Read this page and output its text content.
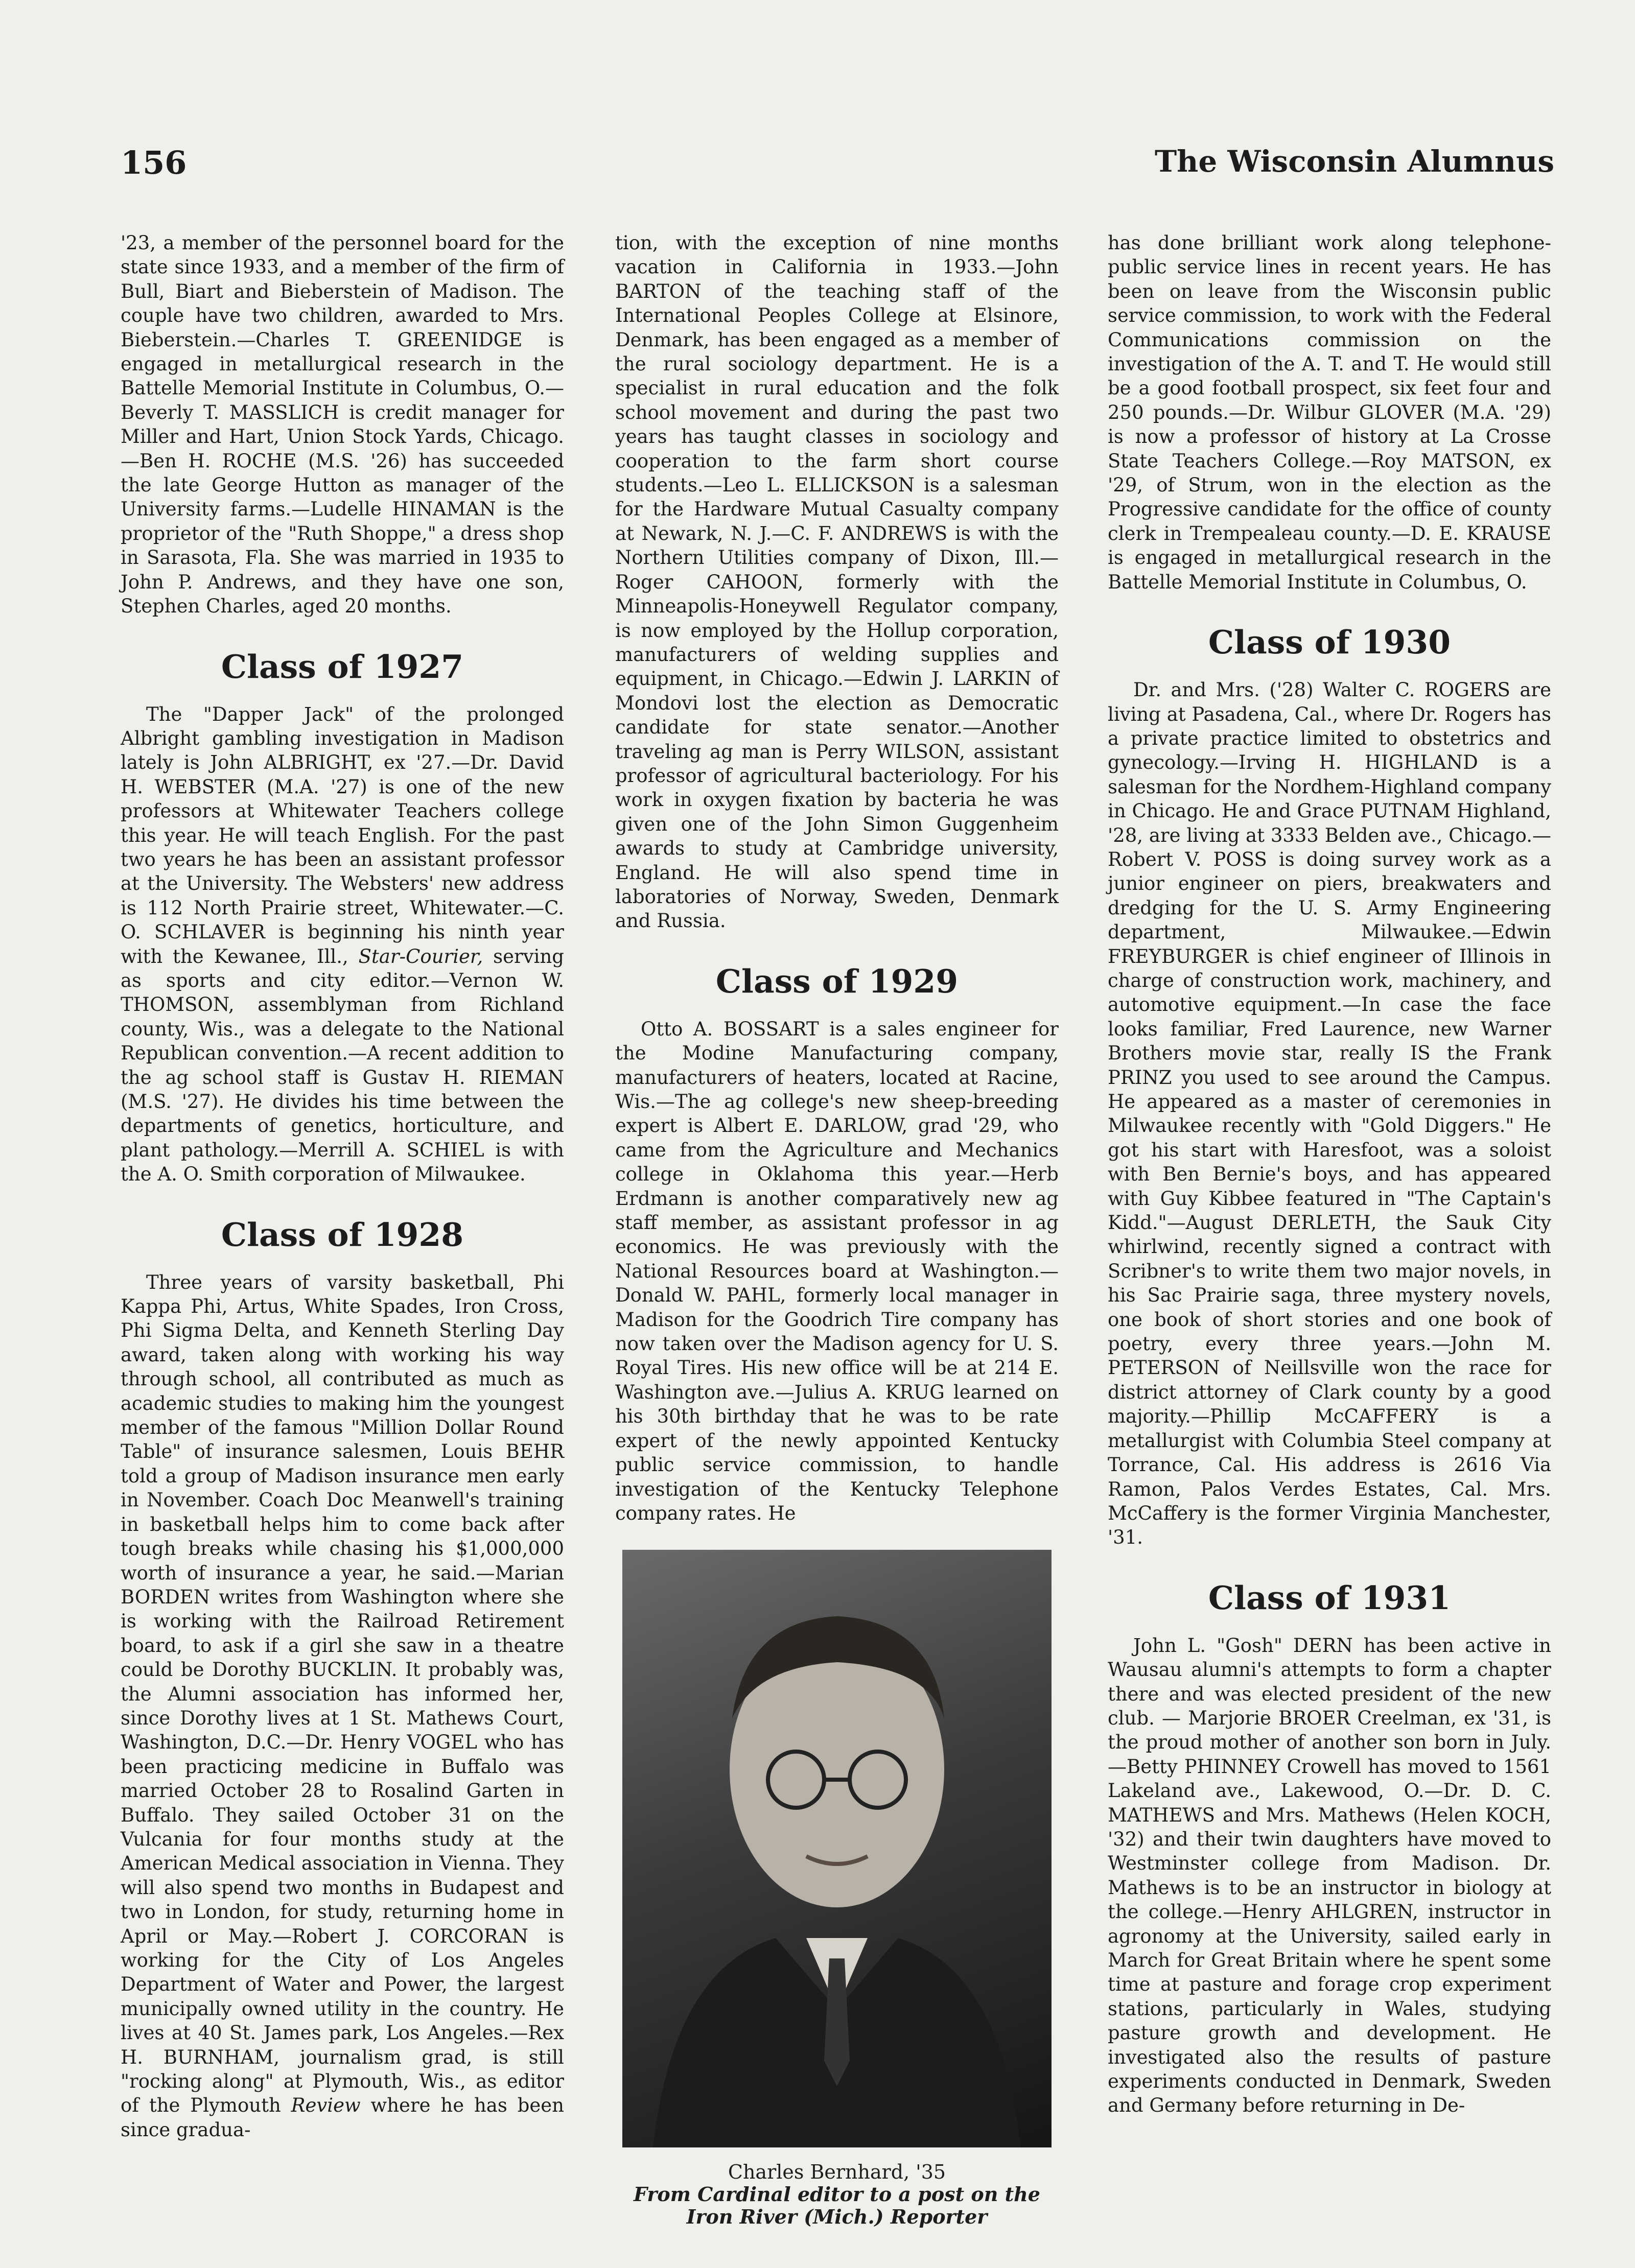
156	The Wisconsin Alumnus

'23, a member of the personnel board for the state since 1933, and a member of the firm of Bull, Biart and Bieberstein of Madison. The couple have two children, awarded to Mrs. Bieberstein.—Charles T. GREENIDGE is engaged in metallurgical research in the Battelle Memorial Institute in Columbus, O.—Beverly T. MASSLICH is credit manager for Miller and Hart, Union Stock Yards, Chicago.—Ben H. ROCHE (M.S. '26) has succeeded the late George Hutton as manager of the University farms.—Ludelle HINAMAN is the proprietor of the "Ruth Shoppe," a dress shop in Sarasota, Fla. She was married in 1935 to John P. Andrews, and they have one son, Stephen Charles, aged 20 months.

Class of 1927

The "Dapper Jack" of the prolonged Albright gambling investigation in Madison lately is John ALBRIGHT, ex '27.—Dr. David H. WEBSTER (M.A. '27) is one of the new professors at Whitewater Teachers college this year. He will teach English. For the past two years he has been an assistant professor at the University. The Websters' new address is 112 North Prairie street, Whitewater.—C. O. SCHLAVER is beginning his ninth year with the Kewanee, Ill., Star-Courier, serving as sports and city editor.—Vernon W. THOMSON, assemblyman from Richland county, Wis., was a delegate to the National Republican convention.—A recent addition to the ag school staff is Gustav H. RIEMAN (M.S. '27). He divides his time between the departments of genetics, horticulture, and plant pathology.—Merrill A. SCHIEL is with the A. O. Smith corporation of Milwaukee.

Class of 1928

Three years of varsity basketball, Phi Kappa Phi, Artus, White Spades, Iron Cross, Phi Sigma Delta, and Kenneth Sterling Day award, taken along with working his way through school, all contributed as much as academic studies to making him the youngest member of the famous "Million Dollar Round Table" of insurance salesmen, Louis BEHR told a group of Madison insurance men early in November. Coach Doc Meanwell's training in basketball helps him to come back after tough breaks while chasing his $1,000,000 worth of insurance a year, he said.—Marian BORDEN writes from Washington where she is working with the Railroad Retirement board, to ask if a girl she saw in a theatre could be Dorothy BUCKLIN. It probably was, the Alumni association has informed her, since Dorothy lives at 1 St. Mathews Court, Washington, D.C.—Dr. Henry VOGEL who has been practicing medicine in Buffalo was married October 28 to Rosalind Garten in Buffalo. They sailed October 31 on the Vulcania for four months study at the American Medical association in Vienna. They will also spend two months in Budapest and two in London, for study, returning home in April or May.—Robert J. CORCORAN is working for the City of Los Angeles Department of Water and Power, the largest municipally owned utility in the country. He lives at 40 St. James park, Los Angeles.—Rex H. BURNHAM, journalism grad, is still "rocking along" at Plymouth, Wis., as editor of the Plymouth Review where he has been since gradua-

tion, with the exception of nine months vacation in California in 1933.—John BARTON of the teaching staff of the International Peoples College at Elsinore, Denmark, has been engaged as a member of the rural sociology department. He is a specialist in rural education and the folk school movement and during the past two years has taught classes in sociology and cooperation to the farm short course students.—Leo L. ELLICKSON is a salesman for the Hardware Mutual Casualty company at Newark, N. J.—C. F. ANDREWS is with the Northern Utilities company of Dixon, Ill.—Roger CAHOON, formerly with the Minneapolis-Honeywell Regulator company, is now employed by the Hollup corporation, manufacturers of welding supplies and equipment, in Chicago.—Edwin J. LARKIN of Mondovi lost the election as Democratic candidate for state senator.—Another traveling ag man is Perry WILSON, assistant professor of agricultural bacteriology. For his work in oxygen fixation by bacteria he was given one of the John Simon Guggenheim awards to study at Cambridge university, England. He will also spend time in laboratories of Norway, Sweden, Denmark and Russia.

Class of 1929

Otto A. BOSSART is a sales engineer for the Modine Manufacturing company, manufacturers of heaters, located at Racine, Wis.—The ag college's new sheep-breeding expert is Albert E. DARLOW, grad '29, who came from the Agriculture and Mechanics college in Oklahoma this year.—Herb Erdmann is another comparatively new ag staff member, as assistant professor in ag economics. He was previously with the National Resources board at Washington.—Donald W. PAHL, formerly local manager in Madison for the Goodrich Tire company has now taken over the Madison agency for U. S. Royal Tires. His new office will be at 214 E. Washington ave.—Julius A. KRUG learned on his 30th birthday that he was to be rate expert of the newly appointed Kentucky public service commission, to handle investigation of the Kentucky Telephone company rates. He

Charles Bernhard, '35
From Cardinal editor to a post on the Iron River (Mich.) Reporter

has done brilliant work along telephone-public service lines in recent years. He has been on leave from the Wisconsin public service commission, to work with the Federal Communications commission on the investigation of the A. T. and T. He would still be a good football prospect, six feet four and 250 pounds.—Dr. Wilbur GLOVER (M.A. '29) is now a professor of history at La Crosse State Teachers College.—Roy MATSON, ex '29, of Strum, won in the election as the Progressive candidate for the office of county clerk in Trempealeau county.—D. E. KRAUSE is engaged in metallurgical research in the Battelle Memorial Institute in Columbus, O.

Class of 1930

Dr. and Mrs. ('28) Walter C. ROGERS are living at Pasadena, Cal., where Dr. Rogers has a private practice limited to obstetrics and gynecology.—Irving H. HIGHLAND is a salesman for the Nordhem-Highland company in Chicago. He and Grace PUTNAM Highland, '28, are living at 3333 Belden ave., Chicago.—Robert V. POSS is doing survey work as a junior engineer on piers, breakwaters and dredging for the U. S. Army Engineering department, Milwaukee.—Edwin FREYBURGER is chief engineer of Illinois in charge of construction work, machinery, and automotive equipment.—In case the face looks familiar, Fred Laurence, new Warner Brothers movie star, really IS the Frank PRINZ you used to see around the Campus. He appeared as a master of ceremonies in Milwaukee recently with "Gold Diggers." He got his start with Haresfoot, was a soloist with Ben Bernie's boys, and has appeared with Guy Kibbee featured in "The Captain's Kidd."—August DERLETH, the Sauk City whirlwind, recently signed a contract with Scribner's to write them two major novels, in his Sac Prairie saga, three mystery novels, one book of short stories and one book of poetry, every three years.—John M. PETERSON of Neillsville won the race for district attorney of Clark county by a good majority.—Phillip McCAFFERY is a metallurgist with Columbia Steel company at Torrance, Cal. His address is 2616 Via Ramon, Palos Verdes Estates, Cal. Mrs. McCaffery is the former Virginia Manchester, '31.

Class of 1931

John L. "Gosh" DERN has been active in Wausau alumni's attempts to form a chapter there and was elected president of the new club. — Marjorie BROER Creelman, ex '31, is the proud mother of another son born in July.—Betty PHINNEY Crowell has moved to 1561 Lakeland ave., Lakewood, O.—Dr. D. C. MATHEWS and Mrs. Mathews (Helen KOCH, '32) and their twin daughters have moved to Westminster college from Madison. Dr. Mathews is to be an instructor in biology at the college.—Henry AHLGREN, instructor in agronomy at the University, sailed early in March for Great Britain where he spent some time at pasture and forage crop experiment stations, particularly in Wales, studying pasture growth and development. He investigated also the results of pasture experiments conducted in Denmark, Sweden and Germany before returning in De-
